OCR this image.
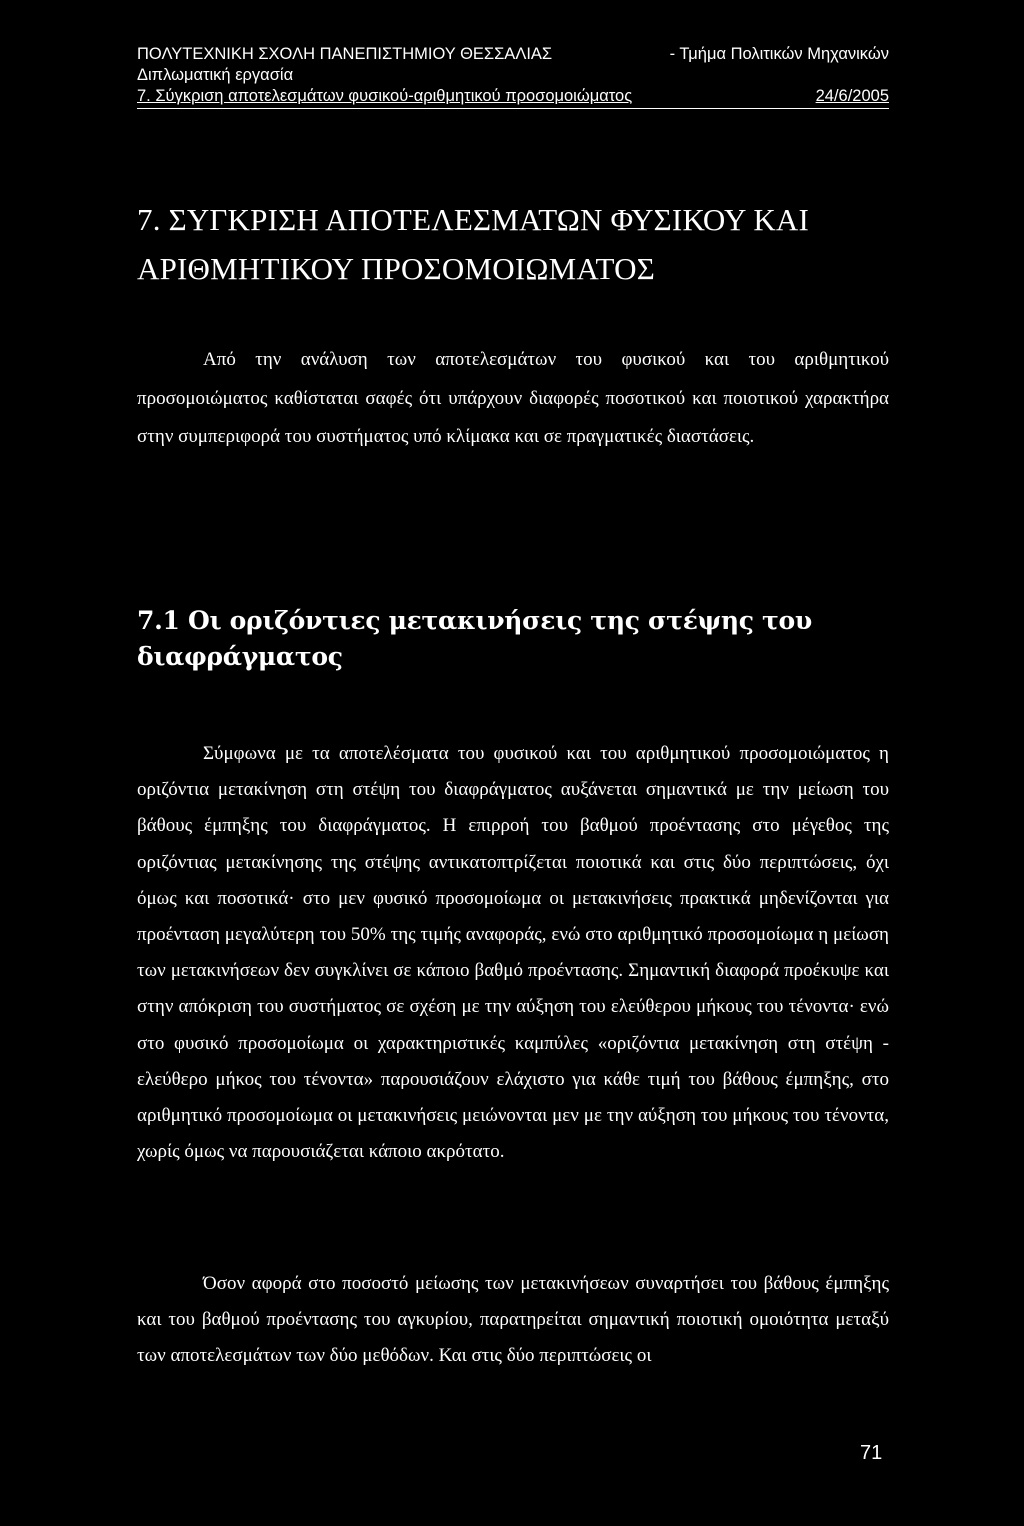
ΠΟΛΥΤΕΧΝΙΚΗ ΣΧΟΛΗ ΠΑΝΕΠΙΣΤΗΜΙΟΥ ΘΕΣΣΑΛΙΑΣ	- Τμήμα Πολιτικών Μηχανικών
Διπλωματική εργασία
7. Σύγκριση αποτελεσμάτων φυσικού-αριθμητικού προσομοιώματος	24/6/2005
7. ΣΥΓΚΡΙΣΗ ΑΠΟΤΕΛΕΣΜΑΤΩΝ ΦΥΣΙΚΟΥ ΚΑΙ
ΑΡΙΘΜΗΤΙΚΟΥ ΠΡΟΣΟΜΟΙΩΜΑΤΟΣ

Από την ανάλυση των αποτελεσμάτων του φυσικού και του αριθμητικού προσομοιώματος καθίσταται σαφές ότι υπάρχουν διαφορές ποσοτικού και ποιοτικού χαρακτήρα στην συμπεριφορά του συστήματος υπό κλίμακα και σε πραγματικές διαστάσεις.

7.1 Οι οριζόντιες μετακινήσεις της στέψης του διαφράγματος

Σύμφωνα με τα αποτελέσματα του φυσικού και του αριθμητικού προσομοιώματος η οριζόντια μετακίνηση στη στέψη του διαφράγματος αυξάνεται σημαντικά με την μείωση του βάθους έμπηξης του διαφράγματος. Η επιρροή του βαθμού προέντασης στο μέγεθος της οριζόντιας μετακίνησης της στέψης αντικατοπτρίζεται ποιοτικά και στις δύο περιπτώσεις, όχι όμως και ποσοτικά· στο μεν φυσικό προσομοίωμα οι μετακινήσεις πρακτικά μηδενίζονται για προένταση μεγαλύτερη του 50% της τιμής αναφοράς, ενώ στο αριθμητικό προσομοίωμα η μείωση των μετακινήσεων δεν συγκλίνει σε κάποιο βαθμό προέντασης. Σημαντική διαφορά προέκυψε και στην απόκριση του συστήματος σε σχέση με την αύξηση του ελεύθερου μήκους του τένοντα· ενώ στο φυσικό προσομοίωμα οι χαρακτηριστικές καμπύλες «οριζόντια μετακίνηση στη στέψη - ελεύθερο μήκος του τένοντα» παρουσιάζουν ελάχιστο για κάθε τιμή του βάθους έμπηξης, στο αριθμητικό προσομοίωμα οι μετακινήσεις μειώνονται μεν με την αύξηση του μήκους του τένοντα, χωρίς όμως να παρουσιάζεται κάποιο ακρότατο.

Όσον αφορά στο ποσοστό μείωσης των μετακινήσεων συναρτήσει του βάθους έμπηξης και του βαθμού προέντασης του αγκυρίου, παρατηρείται σημαντική ποιοτική ομοιότητα μεταξύ των αποτελεσμάτων των δύο μεθόδων. Και στις δύο περιπτώσεις οι

71
